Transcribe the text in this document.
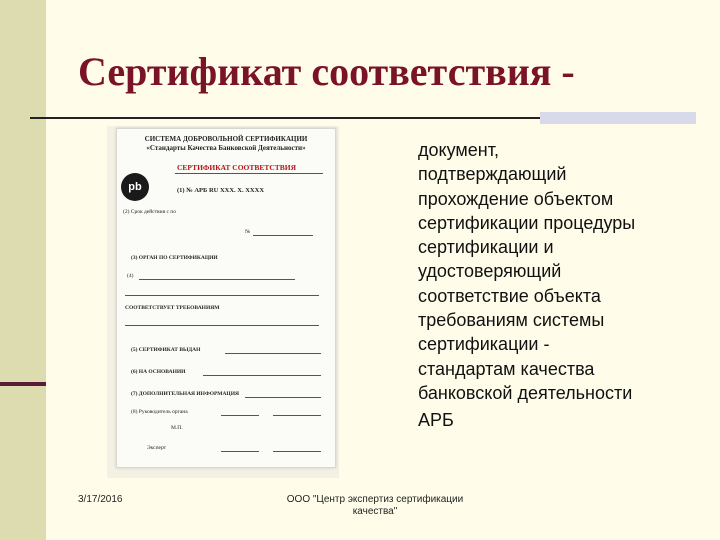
Сертификат соответствия -
СИСТЕМА ДОБРОВОЛЬНОЙ СЕРТИФИКАЦИИ
«Стандарты Качества Банковской Деятельности»
СЕРТИФИКАТ СООТВЕТСТВИЯ
pb	(1) № АРБ RU XXX. X. XXXX
(2) Срок действия с по
№
(3) ОРГАН ПО СЕРТИФИКАЦИИ
(4)
СООТВЕТСТВУЕТ ТРЕБОВАНИЯМ
(5) СЕРТИФИКАТ ВЫДАН
(6) НА ОСНОВАНИИ
(7) ДОПОЛНИТЕЛЬНАЯ ИНФОРМАЦИЯ
(8) Руководитель органа
М.П.
Эксперт

документ,
подтверждающий
прохождение объектом
сертификации процедуры
сертификации и
удостоверяющий
соответствие объекта
требованиям системы
сертификации -
стандартам качества
банковской деятельности

АРБ
3/17/2016	ООО "Центр экспертиз сертификации
качества"
